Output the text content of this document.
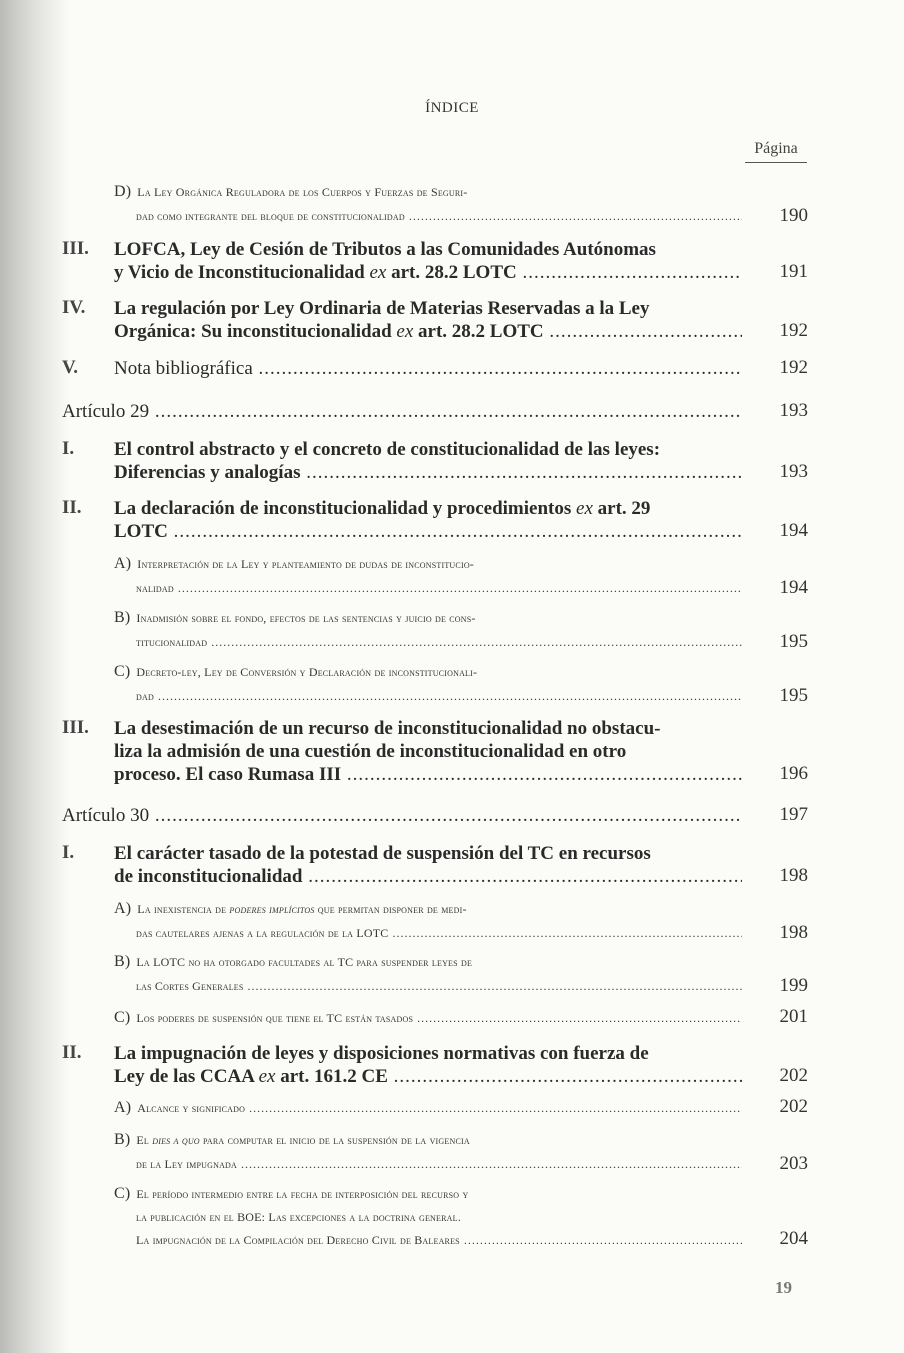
ÍNDICE
Página
D) La Ley Orgánica Reguladora de los Cuerpos y Fuerzas de Seguri-
dad como integrante del bloque de constitucionalidad .....	190
III. LOFCA, Ley de Cesión de Tributos a las Comunidades Autónomas
y Vicio de Inconstitucionalidad ex art. 28.2 LOTC .....	191
IV. La regulación por Ley Ordinaria de Materias Reservadas a la Ley
Orgánica: Su inconstitucionalidad ex art. 28.2 LOTC .....	192
V. Nota bibliográfica .....	192
Artículo 29 .....	193
I. El control abstracto y el concreto de constitucionalidad de las leyes:
Diferencias y analogías .....	193
II. La declaración de inconstitucionalidad y procedimientos ex art. 29
LOTC .....	194
A) Interpretación de la Ley y planteamiento de dudas de inconstitucio-
nalidad .....	194
B) Inadmisión sobre el fondo, efectos de las sentencias y juicio de cons-
titucionalidad .....	195
C) Decreto-ley, Ley de Conversión y Declaración de inconstitucionali-
dad .....	195
III. La desestimación de un recurso de inconstitucionalidad no obstacu-
liza la admisión de una cuestión de inconstitucionalidad en otro
proceso. El caso Rumasa III .....	196
Artículo 30 .....	197
I. El carácter tasado de la potestad de suspensión del TC en recursos
de inconstitucionalidad .....	198
A) La inexistencia de poderes implícitos que permitan disponer de medi-
das cautelares ajenas a la regulación de la LOTC .....	198
B) La LOTC no ha otorgado facultades al TC para suspender leyes de
las Cortes Generales .....	199
C) Los poderes de suspensión que tiene el TC están tasados .....	201
II. La impugnación de leyes y disposiciones normativas con fuerza de
Ley de las CCAA ex art. 161.2 CE .....	202
A) Alcance y significado .....	202
B) El dies a quo para computar el inicio de la suspensión de la vigencia
de la Ley impugnada .....	203
C) El período intermedio entre la fecha de interposición del recurso y
la publicación en el BOE: Las excepciones a la doctrina general.
La impugnación de la Compilación del Derecho Civil de Baleares .....	204
19
